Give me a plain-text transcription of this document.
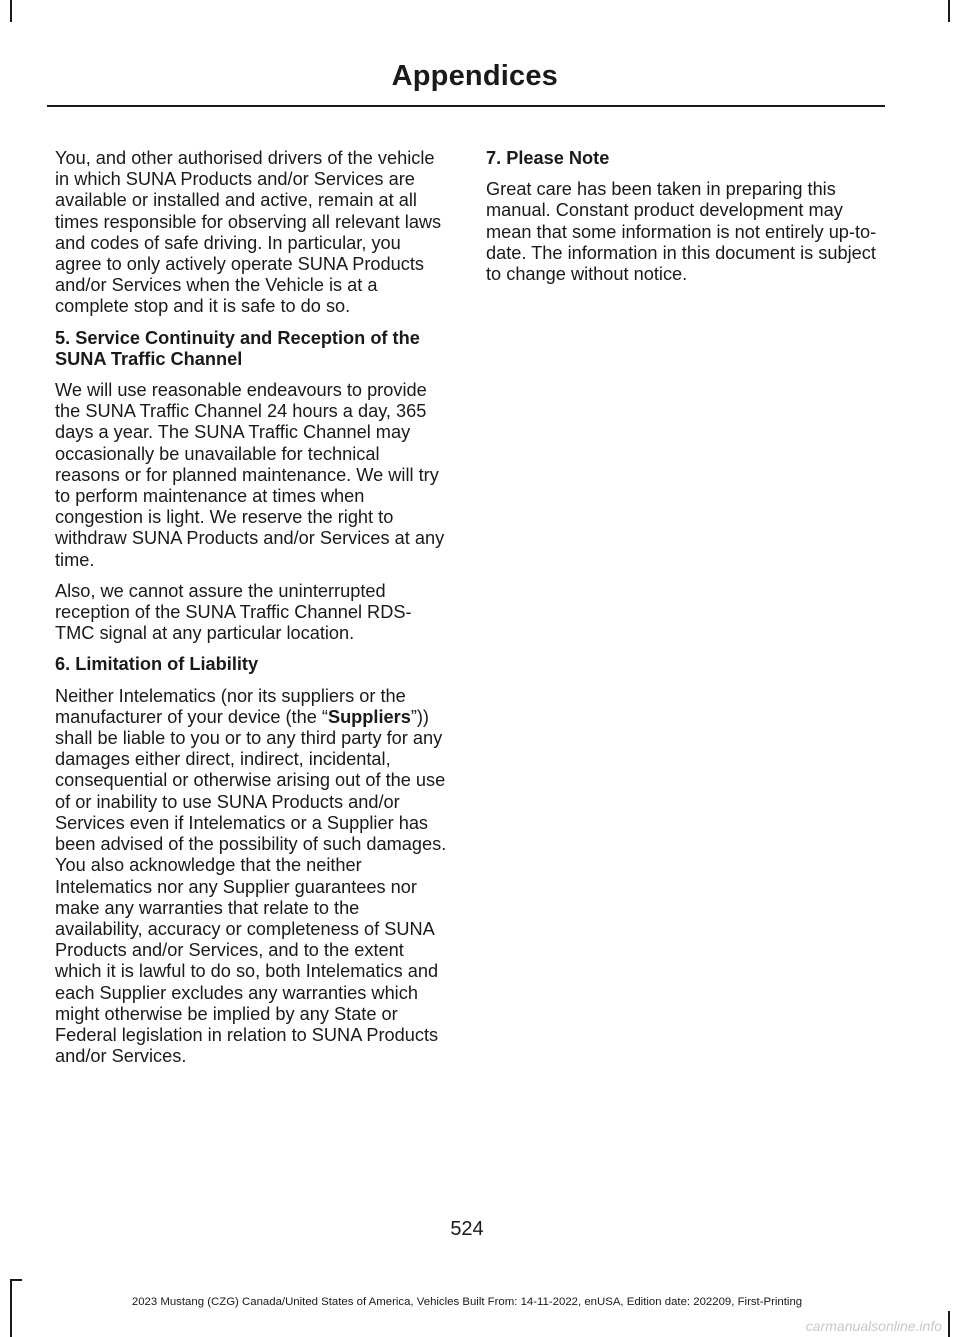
Appendices

You, and other authorised drivers of the vehicle in which SUNA Products and/or Services are available or installed and active, remain at all times responsible for observing all relevant laws and codes of safe driving. In particular, you agree to only actively operate SUNA Products and/or Services when the Vehicle is at a complete stop and it is safe to do so.

5. Service Continuity and Reception of the SUNA Traffic Channel

We will use reasonable endeavours to provide the SUNA Traffic Channel 24 hours a day, 365 days a year. The SUNA Traffic Channel may occasionally be unavailable for technical reasons or for planned maintenance. We will try to perform maintenance at times when congestion is light. We reserve the right to withdraw SUNA Products and/or Services at any time.

Also, we cannot assure the uninterrupted reception of the SUNA Traffic Channel RDS-TMC signal at any particular location.

6. Limitation of Liability

Neither Intelematics (nor its suppliers or the manufacturer of your device (the “Suppliers”)) shall be liable to you or to any third party for any damages either direct, indirect, incidental, consequential or otherwise arising out of the use of or inability to use SUNA Products and/or Services even if Intelematics or a Supplier has been advised of the possibility of such damages. You also acknowledge that the neither Intelematics nor any Supplier guarantees nor make any warranties that relate to the availability, accuracy or completeness of SUNA Products and/or Services, and to the extent which it is lawful to do so, both Intelematics and each Supplier excludes any warranties which might otherwise be implied by any State or Federal legislation in relation to SUNA Products and/or Services.

7. Please Note

Great care has been taken in preparing this manual. Constant product development may mean that some information is not entirely up-to-date. The information in this document is subject to change without notice.

524
2023 Mustang (CZG) Canada/United States of America, Vehicles Built From: 14-11-2022, enUSA, Edition date: 202209, First-Printing
carmanualsonline.info
